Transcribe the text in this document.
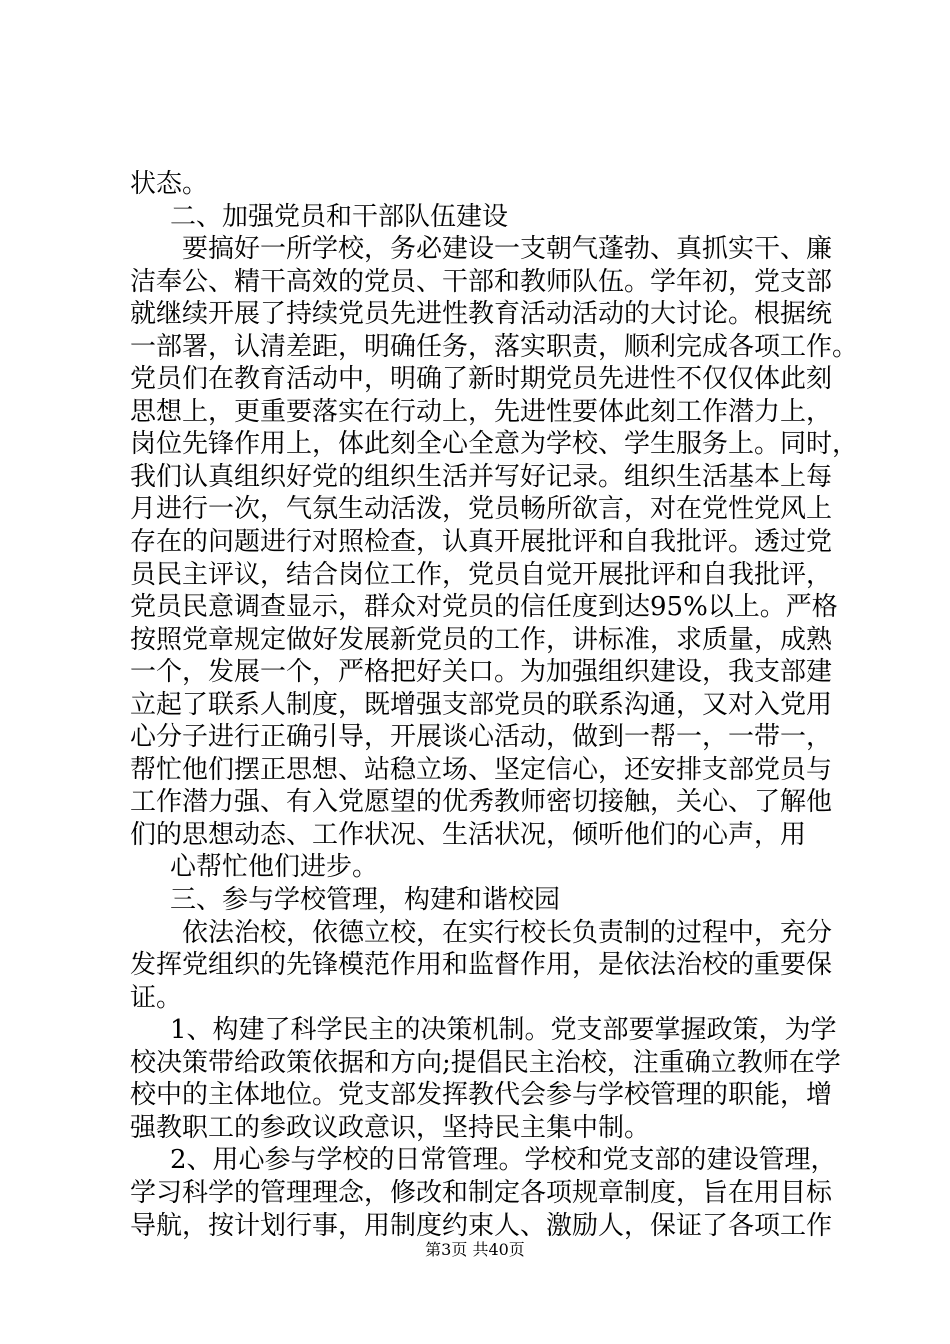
状态。
二、加强党员和干部队伍建设
要搞好一所学校，务必建设一支朝气蓬勃、真抓实干、廉
洁奉公、精干高效的党员、干部和教师队伍。学年初，党支部
就继续开展了持续党员先进性教育活动活动的大讨论。根据统
一部署，认清差距，明确任务，落实职责，顺利完成各项工作。
党员们在教育活动中，明确了新时期党员先进性不仅仅体此刻
思想上，更重要落实在行动上，先进性要体此刻工作潜力上，
岗位先锋作用上，体此刻全心全意为学校、学生服务上。同时，
我们认真组织好党的组织生活并写好记录。组织生活基本上每
月进行一次，气氛生动活泼，党员畅所欲言，对在党性党风上
存在的问题进行对照检查，认真开展批评和自我批评。透过党
员民主评议，结合岗位工作，党员自觉开展批评和自我批评，
党员民意调查显示，群众对党员的信任度到达95%以上。严格
按照党章规定做好发展新党员的工作，讲标准，求质量，成熟
一个，发展一个，严格把好关口。为加强组织建设，我支部建
立起了联系人制度，既增强支部党员的联系沟通，又对入党用
心分子进行正确引导，开展谈心活动，做到一帮一，一带一，
帮忙他们摆正思想、站稳立场、坚定信心，还安排支部党员与
工作潜力强、有入党愿望的优秀教师密切接触，关心、了解他
们的思想动态、工作状况、生活状况，倾听他们的心声，用
心帮忙他们进步。
三、参与学校管理，构建和谐校园
依法治校，依德立校，在实行校长负责制的过程中，充分
发挥党组织的先锋模范作用和监督作用，是依法治校的重要保
证。
1、构建了科学民主的决策机制。党支部要掌握政策，为学
校决策带给政策依据和方向;提倡民主治校，注重确立教师在学
校中的主体地位。党支部发挥教代会参与学校管理的职能，增
强教职工的参政议政意识，坚持民主集中制。
2、用心参与学校的日常管理。学校和党支部的建设管理，
学习科学的管理理念，修改和制定各项规章制度，旨在用目标
导航，按计划行事，用制度约束人、激励人，保证了各项工作
第3页 共40页
